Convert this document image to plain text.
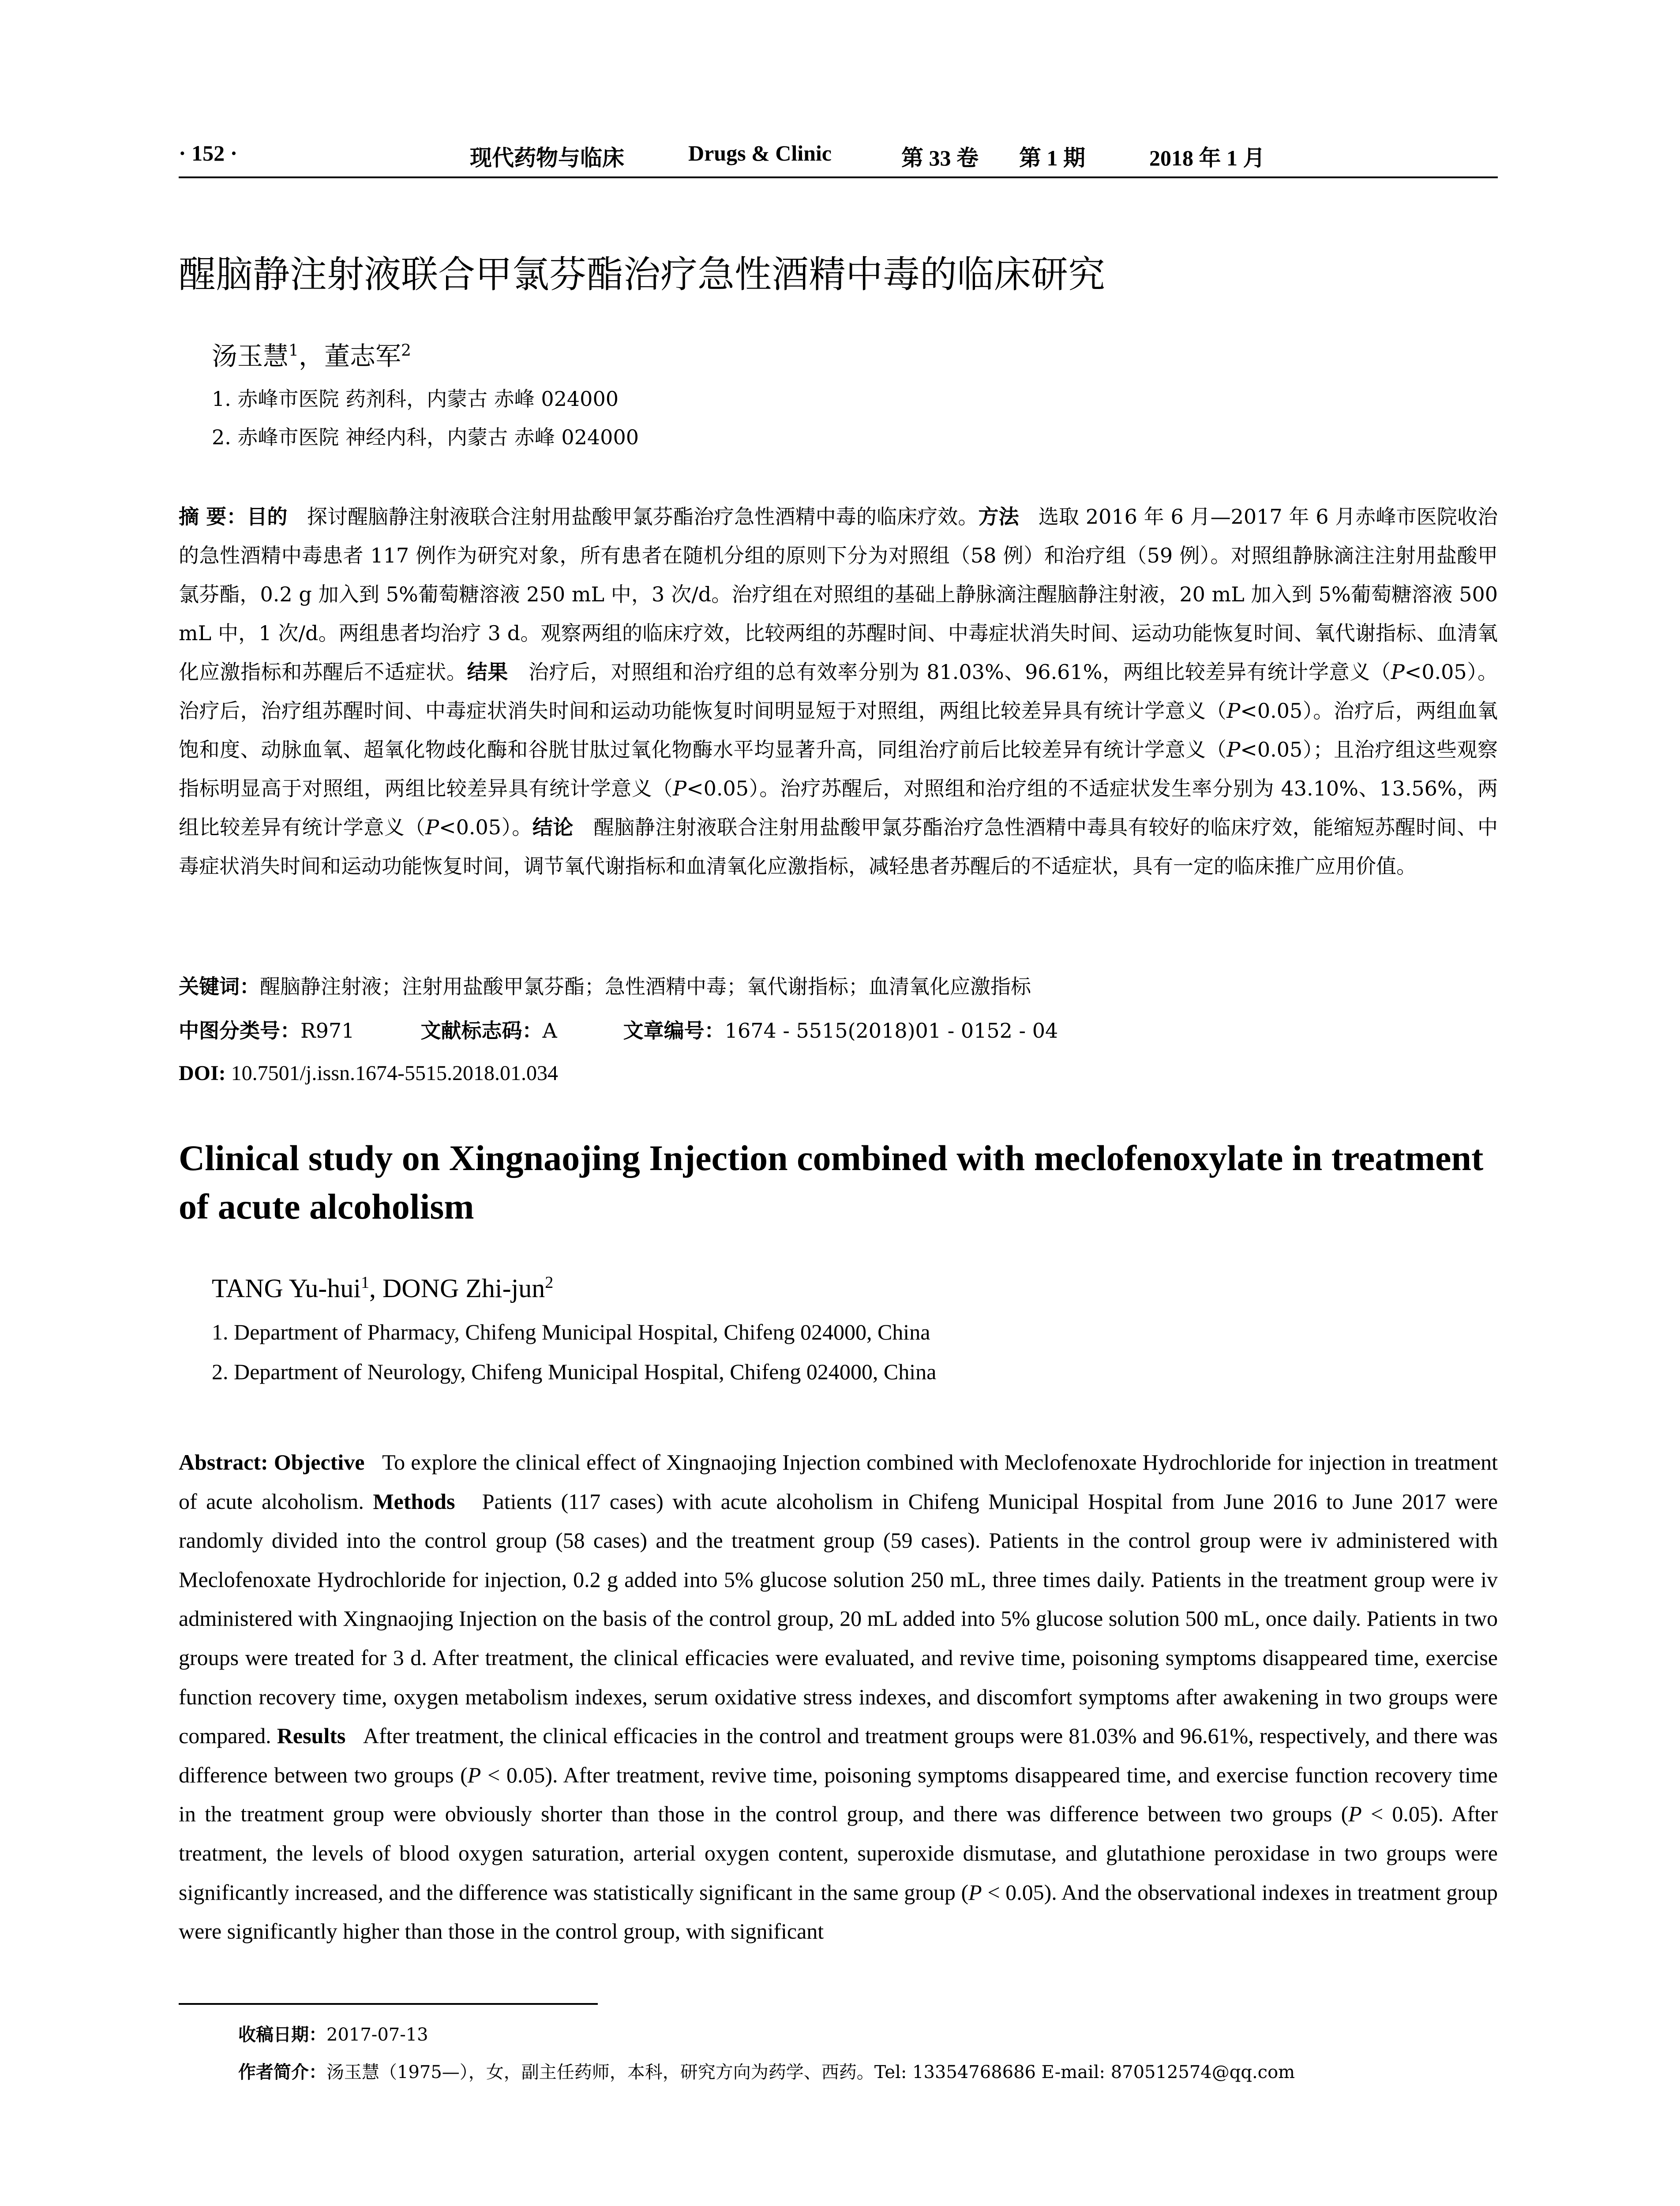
· 152 ·	现代药物与临床	Drugs & Clinic	第 33 卷 第 1 期	2018 年 1 月
醒脑静注射液联合甲氯芬酯治疗急性酒精中毒的临床研究
汤玉慧$^1$，董志军$^2$
1. 赤峰市医院 药剂科，内蒙古 赤峰 024000
2. 赤峰市医院 神经内科，内蒙古 赤峰 024000
摘 要：目的 探讨醒脑静注射液联合注射用盐酸甲氯芬酯治疗急性酒精中毒的临床疗效。方法 选取 2016 年 6 月—2017 年 6 月赤峰市医院收治的急性酒精中毒患者 117 例作为研究对象，所有患者在随机分组的原则下分为对照组（58 例）和治疗组（59 例）。对照组静脉滴注注射用盐酸甲氯芬酯，0.2 g 加入到 5%葡萄糖溶液 250 mL 中，3 次/d。治疗组在对照组的基础上静脉滴注醒脑静注射液，20 mL 加入到 5%葡萄糖溶液 500 mL 中，1 次/d。两组患者均治疗 3 d。观察两组的临床疗效，比较两组的苏醒时间、中毒症状消失时间、运动功能恢复时间、氧代谢指标、血清氧化应激指标和苏醒后不适症状。结果 治疗后，对照组和治疗组的总有效率分别为 81.03%、96.61%，两组比较差异有统计学意义（P<0.05）。治疗后，治疗组苏醒时间、中毒症状消失时间和运动功能恢复时间明显短于对照组，两组比较差异具有统计学意义（P<0.05）。治疗后，两组血氧饱和度、动脉血氧、超氧化物歧化酶和谷胱甘肽过氧化物酶水平均显著升高，同组治疗前后比较差异有统计学意义（P<0.05）；且治疗组这些观察指标明显高于对照组，两组比较差异具有统计学意义（P<0.05）。治疗苏醒后，对照组和治疗组的不适症状发生率分别为 43.10%、13.56%，两组比较差异有统计学意义（P<0.05）。结论 醒脑静注射液联合注射用盐酸甲氯芬酯治疗急性酒精中毒具有较好的临床疗效，能缩短苏醒时间、中毒症状消失时间和运动功能恢复时间，调节氧代谢指标和血清氧化应激指标，减轻患者苏醒后的不适症状，具有一定的临床推广应用价值。
关键词：醒脑静注射液；注射用盐酸甲氯芬酯；急性酒精中毒；氧代谢指标；血清氧化应激指标
中图分类号：R971	文献标志码：A	文章编号：1674 - 5515(2018)01 - 0152 - 04
DOI: 10.7501/j.issn.1674-5515.2018.01.034
Clinical study on Xingnaojing Injection combined with meclofenoxylate in treatment of acute alcoholism
TANG Yu-hui$^1$, DONG Zhi-jun$^2$
1. Department of Pharmacy, Chifeng Municipal Hospital, Chifeng 024000, China
2. Department of Neurology, Chifeng Municipal Hospital, Chifeng 024000, China
Abstract: Objective To explore the clinical effect of Xingnaojing Injection combined with Meclofenoxate Hydrochloride for injection in treatment of acute alcoholism. Methods Patients (117 cases) with acute alcoholism in Chifeng Municipal Hospital from June 2016 to June 2017 were randomly divided into the control group (58 cases) and the treatment group (59 cases). Patients in the control group were iv administered with Meclofenoxate Hydrochloride for injection, 0.2 g added into 5% glucose solution 250 mL, three times daily. Patients in the treatment group were iv administered with Xingnaojing Injection on the basis of the control group, 20 mL added into 5% glucose solution 500 mL, once daily. Patients in two groups were treated for 3 d. After treatment, the clinical efficacies were evaluated, and revive time, poisoning symptoms disappeared time, exercise function recovery time, oxygen metabolism indexes, serum oxidative stress indexes, and discomfort symptoms after awakening in two groups were compared. Results After treatment, the clinical efficacies in the control and treatment groups were 81.03% and 96.61%, respectively, and there was difference between two groups (P < 0.05). After treatment, revive time, poisoning symptoms disappeared time, and exercise function recovery time in the treatment group were obviously shorter than those in the control group, and there was difference between two groups (P < 0.05). After treatment, the levels of blood oxygen saturation, arterial oxygen content, superoxide dismutase, and glutathione peroxidase in two groups were significantly increased, and the difference was statistically significant in the same group (P < 0.05). And the observational indexes in treatment group were significantly higher than those in the control group, with significant
收稿日期：2017-07-13
作者简介：汤玉慧（1975—），女，副主任药师，本科，研究方向为药学、西药。Tel: 13354768686 E-mail: 870512574@qq.com
